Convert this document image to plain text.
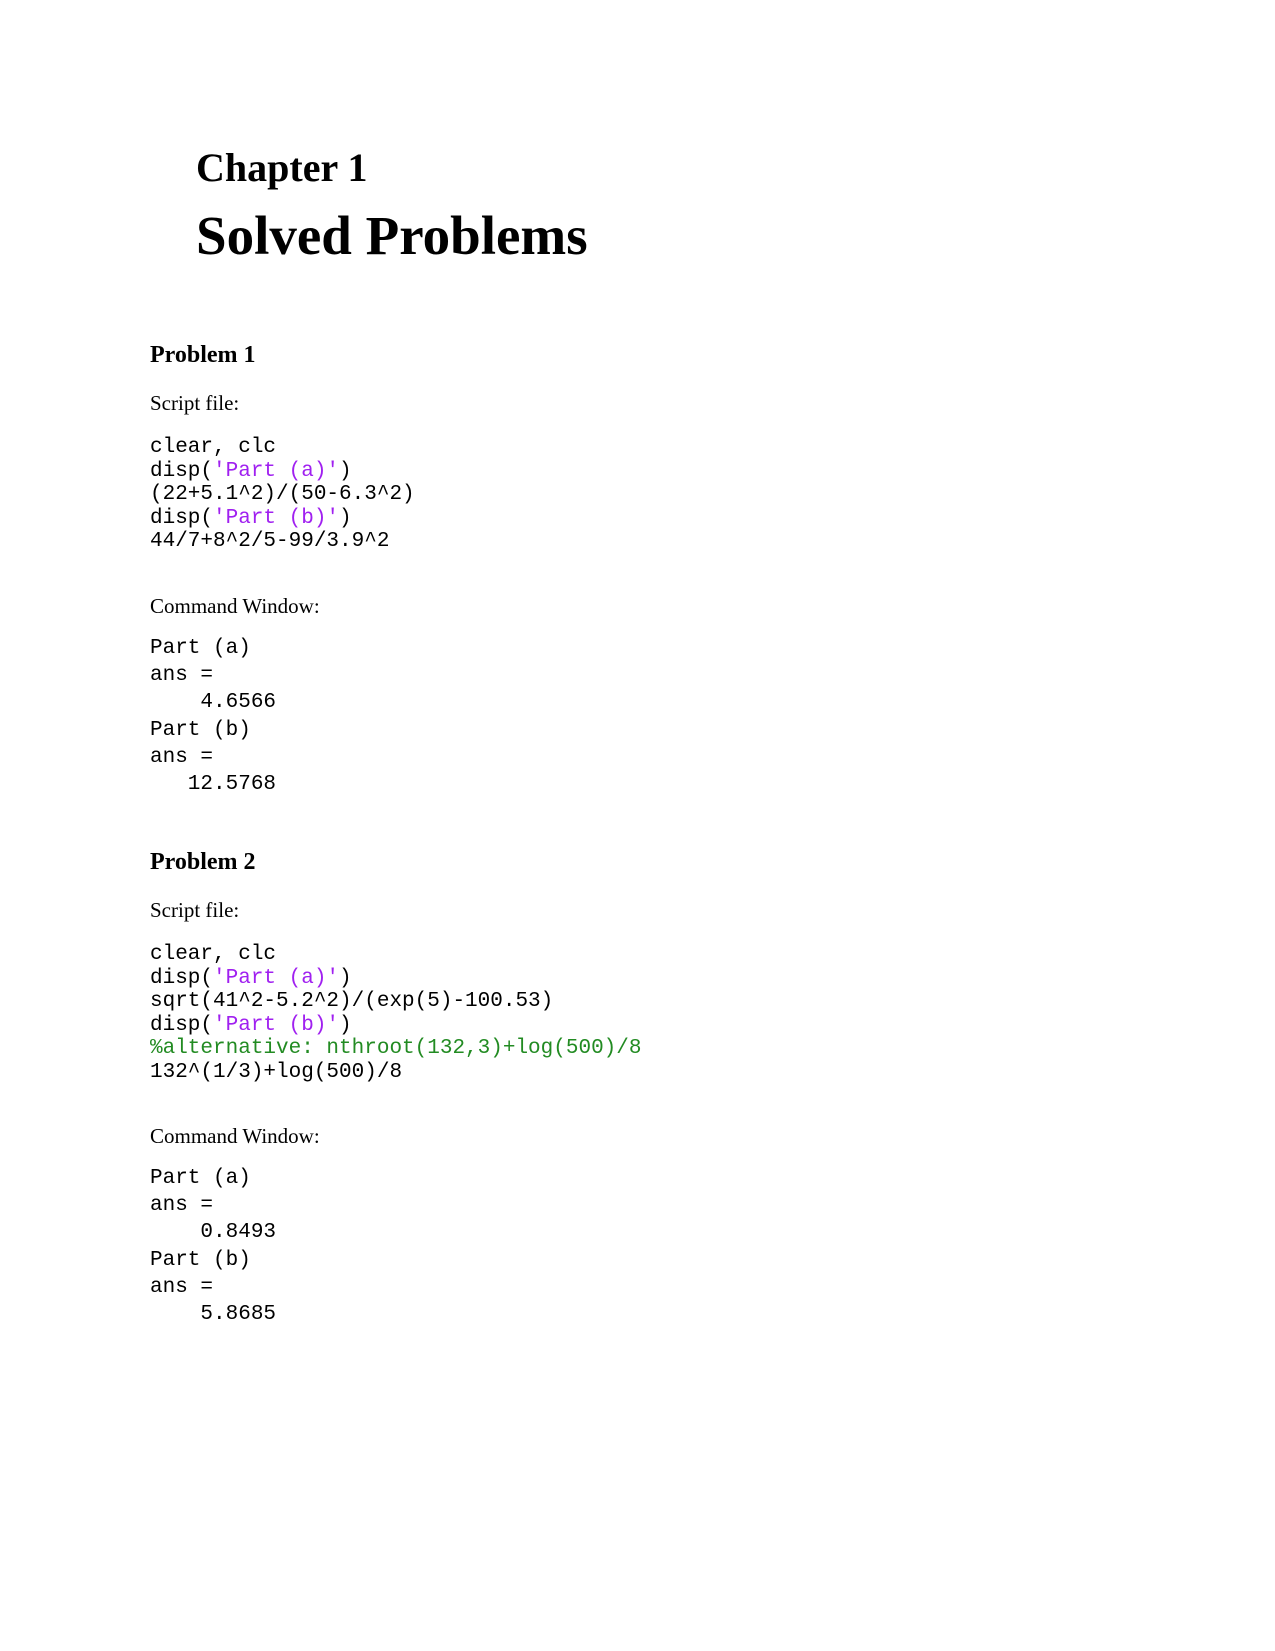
Chapter 1
Solved Problems
Problem 1
Script file:
clear, clc
disp('Part (a)')
(22+5.1^2)/(50-6.3^2)
disp('Part (b)')
44/7+8^2/5-99/3.9^2
Command Window:
Part (a)
ans =
4.6566
Part (b)
ans =
12.5768
Problem 2
Script file:
clear, clc
disp('Part (a)')
sqrt(41^2-5.2^2)/(exp(5)-100.53)
disp('Part (b)')
%alternative: nthroot(132,3)+log(500)/8
132^(1/3)+log(500)/8
Command Window:
Part (a)
ans =
0.8493
Part (b)
ans =
5.8685
